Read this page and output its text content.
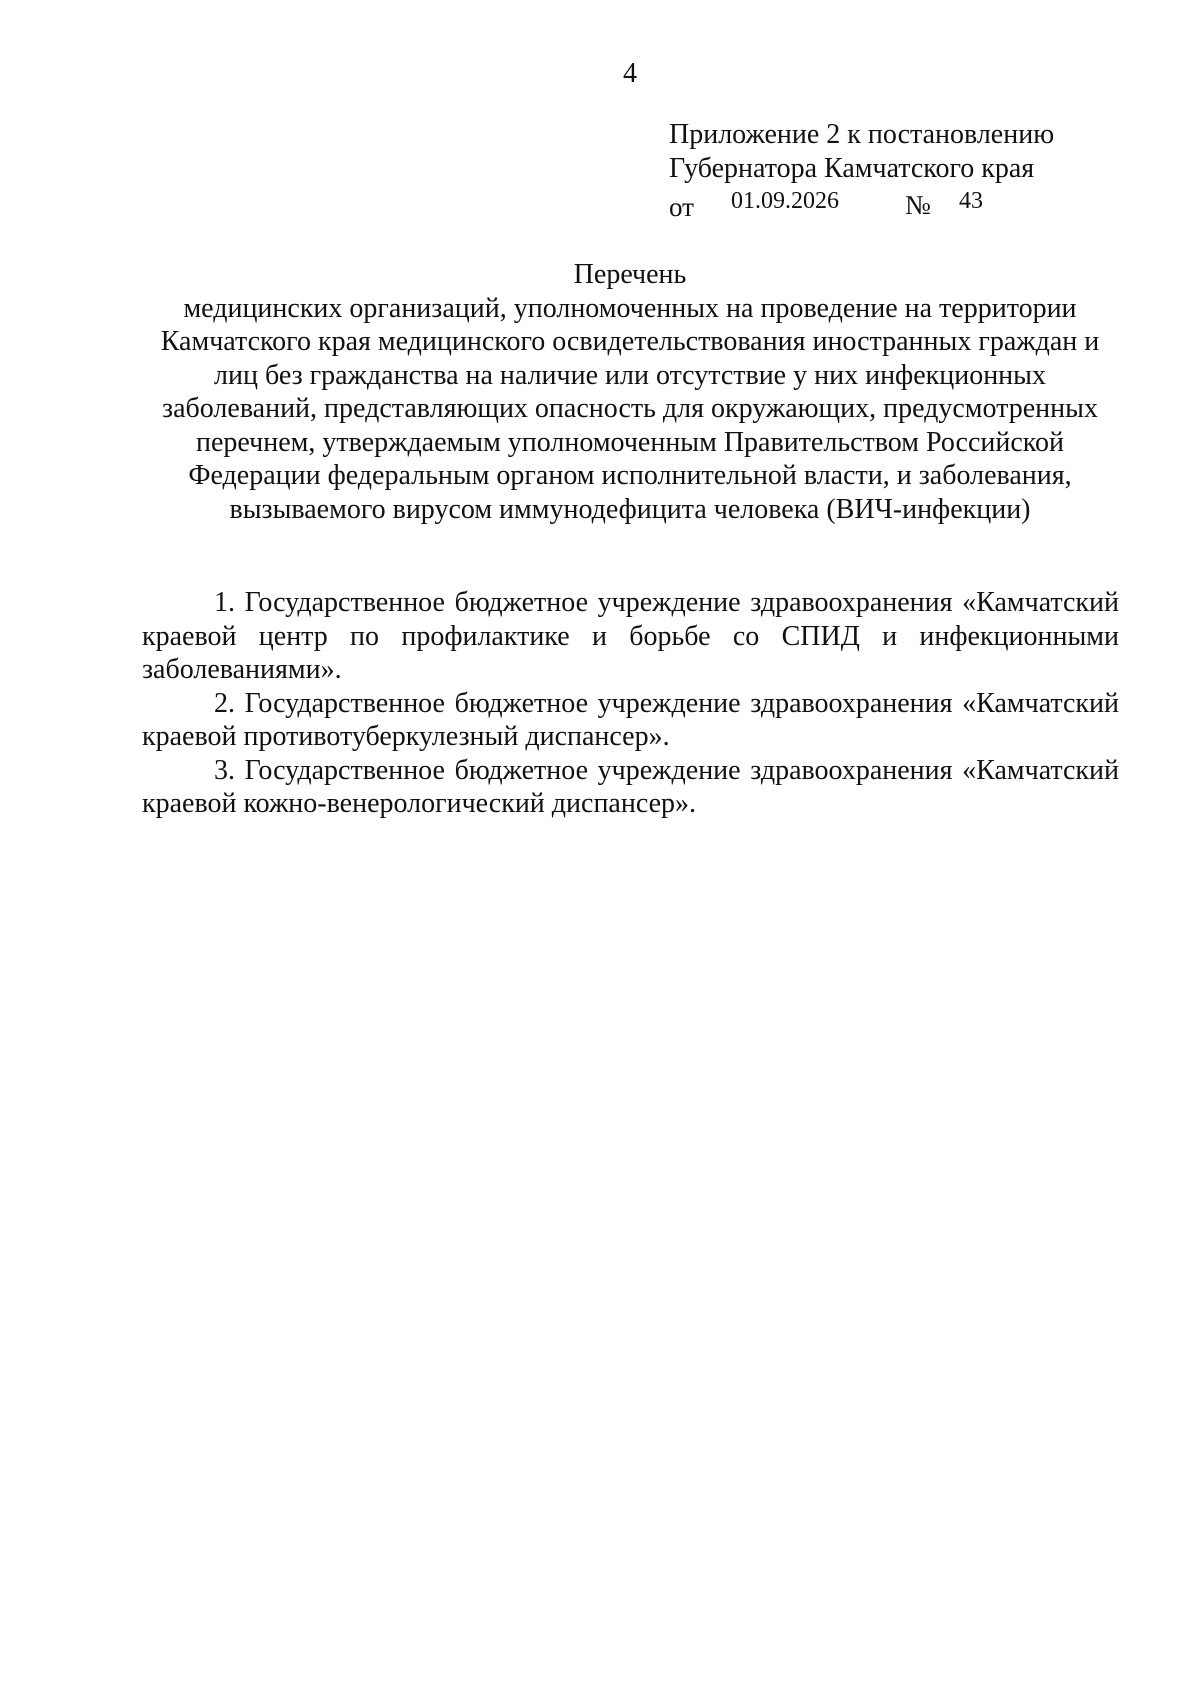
4
Приложение 2 к постановлению
Губернатора Камчатского края
от 01.09.2026 № 43
Перечень
медицинских организаций, уполномоченных на проведение на территории
Камчатского края медицинского освидетельствования иностранных граждан и
лиц без гражданства на наличие или отсутствие у них инфекционных
заболеваний, представляющих опасность для окружающих, предусмотренных
перечнем, утверждаемым уполномоченным Правительством Российской
Федерации федеральным органом исполнительной власти, и заболевания,
вызываемого вирусом иммунодефицита человека (ВИЧ-инфекции)

1. Государственное бюджетное учреждение здравоохранения «Камчатский краевой центр по профилактике и борьбе со СПИД и инфекционными заболеваниями».

2. Государственное бюджетное учреждение здравоохранения «Камчатский краевой противотуберкулезный диспансер».

3. Государственное бюджетное учреждение здравоохранения «Камчатский краевой кожно-венерологический диспансер».
